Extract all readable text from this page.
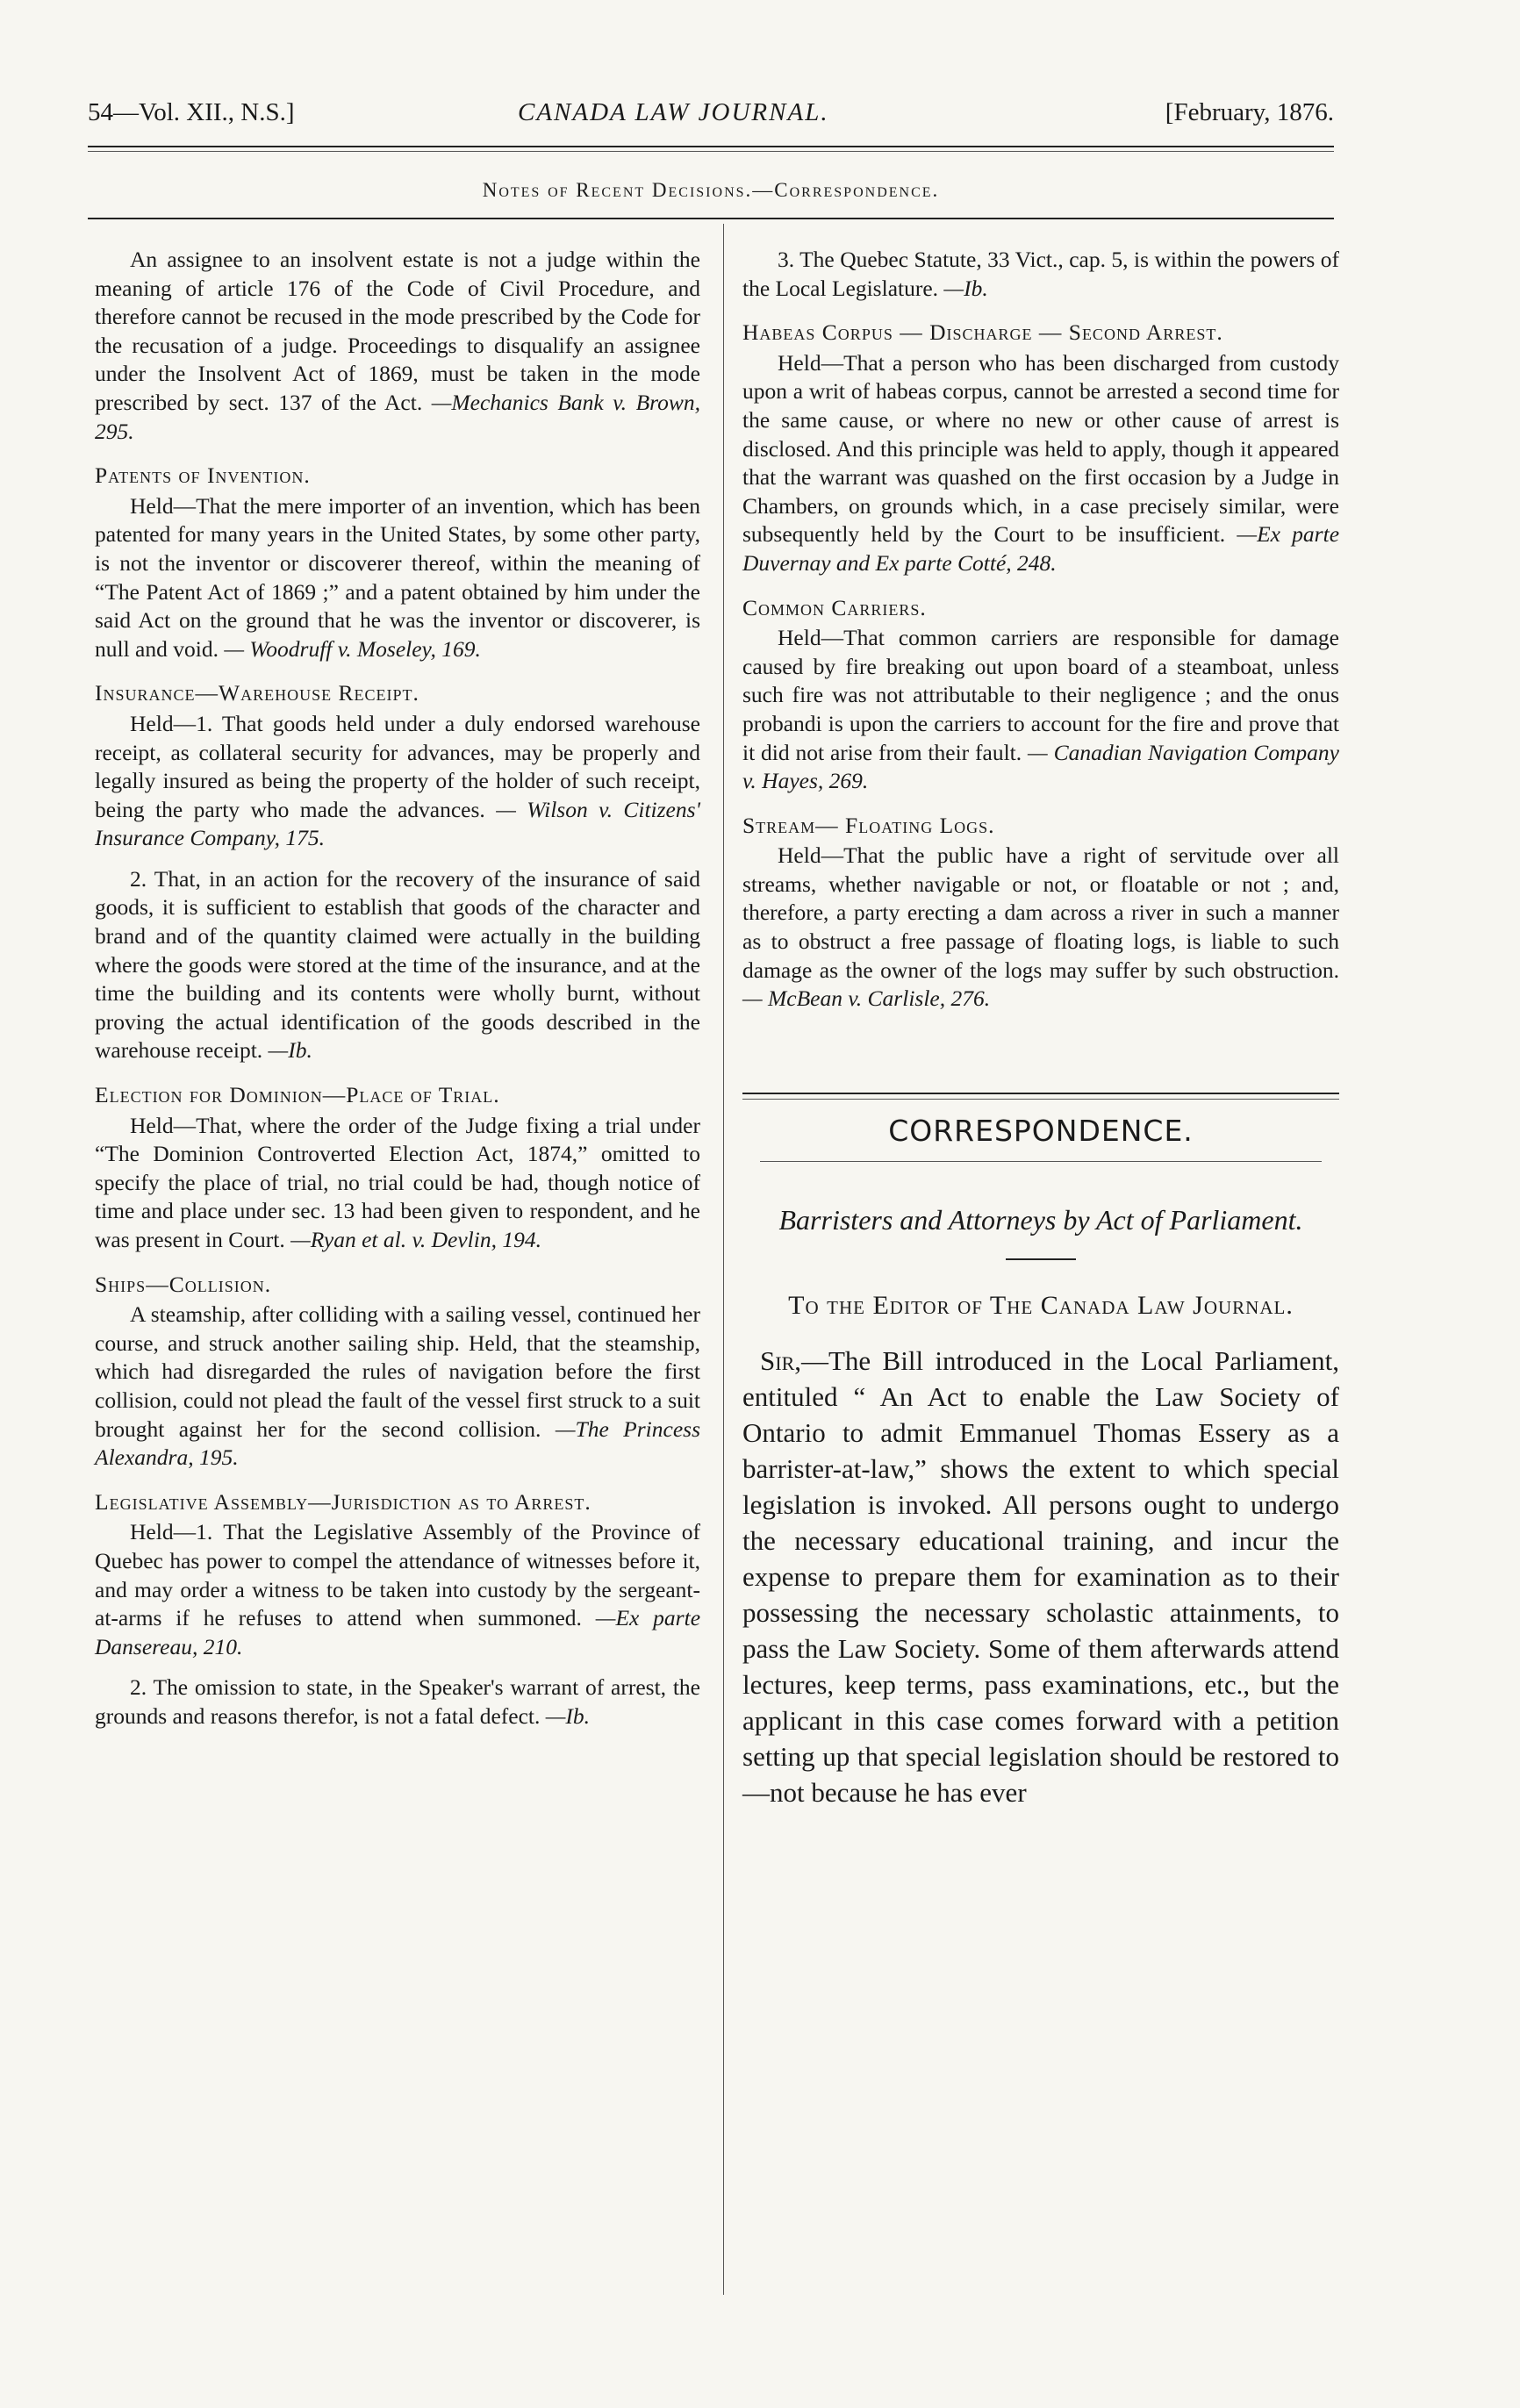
54—Vol. XII., N.S.]	CANADA LAW JOURNAL.	[February, 1876.
Notes of Recent Decisions.—Correspondence.

An assignee to an insolvent estate is not a judge within the meaning of article 176 of the Code of Civil Procedure, and therefore cannot be recused in the mode prescribed by the Code for the recusation of a judge. Proceedings to disqualify an assignee under the Insolvent Act of 1869, must be taken in the mode prescribed by sect. 137 of the Act. —Mechanics Bank v. Brown, 295.

Patents of Invention.

Held—That the mere importer of an invention, which has been patented for many years in the United States, by some other party, is not the inventor or discoverer thereof, within the meaning of “The Patent Act of 1869 ;” and a patent obtained by him under the said Act on the ground that he was the inventor or discoverer, is null and void. — Woodruff v. Moseley, 169.

Insurance—Warehouse Receipt.

Held—1. That goods held under a duly endorsed warehouse receipt, as collateral security for advances, may be properly and legally insured as being the property of the holder of such receipt, being the party who made the advances. — Wilson v. Citizens' Insurance Company, 175.

2. That, in an action for the recovery of the insurance of said goods, it is sufficient to establish that goods of the character and brand and of the quantity claimed were actually in the building where the goods were stored at the time of the insurance, and at the time the building and its contents were wholly burnt, without proving the actual identification of the goods described in the warehouse receipt. —Ib.

Election for Dominion—Place of Trial.

Held—That, where the order of the Judge fixing a trial under “The Dominion Controverted Election Act, 1874,” omitted to specify the place of trial, no trial could be had, though notice of time and place under sec. 13 had been given to respondent, and he was present in Court. —Ryan et al. v. Devlin, 194.

Ships—Collision.

A steamship, after colliding with a sailing vessel, continued her course, and struck another sailing ship. Held, that the steamship, which had disregarded the rules of navigation before the first collision, could not plead the fault of the vessel first struck to a suit brought against her for the second collision. —The Princess Alexandra, 195.

Legislative Assembly—Jurisdiction as to Arrest.

Held—1. That the Legislative Assembly of the Province of Quebec has power to compel the attendance of witnesses before it, and may order a witness to be taken into custody by the sergeant-at-arms if he refuses to attend when summoned. —Ex parte Dansereau, 210.

2. The omission to state, in the Speaker's warrant of arrest, the grounds and reasons therefor, is not a fatal defect. —Ib.

3. The Quebec Statute, 33 Vict., cap. 5, is within the powers of the Local Legislature. —Ib.

Habeas Corpus — Discharge — Second Arrest.

Held—That a person who has been discharged from custody upon a writ of habeas corpus, cannot be arrested a second time for the same cause, or where no new or other cause of arrest is disclosed. And this principle was held to apply, though it appeared that the warrant was quashed on the first occasion by a Judge in Chambers, on grounds which, in a case precisely similar, were subsequently held by the Court to be insufficient. —Ex parte Duvernay and Ex parte Cotté, 248.

Common Carriers.

Held—That common carriers are responsible for damage caused by fire breaking out upon board of a steamboat, unless such fire was not attributable to their negligence ; and the onus probandi is upon the carriers to account for the fire and prove that it did not arise from their fault. — Canadian Navigation Company v. Hayes, 269.

Stream— Floating Logs.

Held—That the public have a right of servitude over all streams, whether navigable or not, or floatable or not ; and, therefore, a party erecting a dam across a river in such a manner as to obstruct a free passage of floating logs, is liable to such damage as the owner of the logs may suffer by such obstruction. — McBean v. Carlisle, 276.

CORRESPONDENCE.
Barristers and Attorneys by Act of Parliament.
To the Editor of The Canada Law Journal.

Sir,—The Bill introduced in the Local Parliament, entituled “ An Act to enable the Law Society of Ontario to admit Emmanuel Thomas Essery as a barrister-at-law,” shows the extent to which special legislation is invoked. All persons ought to undergo the necessary educational training, and incur the expense to prepare them for examination as to their possessing the necessary scholastic attainments, to pass the Law Society. Some of them afterwards attend lectures, keep terms, pass examinations, etc., but the applicant in this case comes forward with a petition setting up that special legislation should be restored to—not because he has ever
